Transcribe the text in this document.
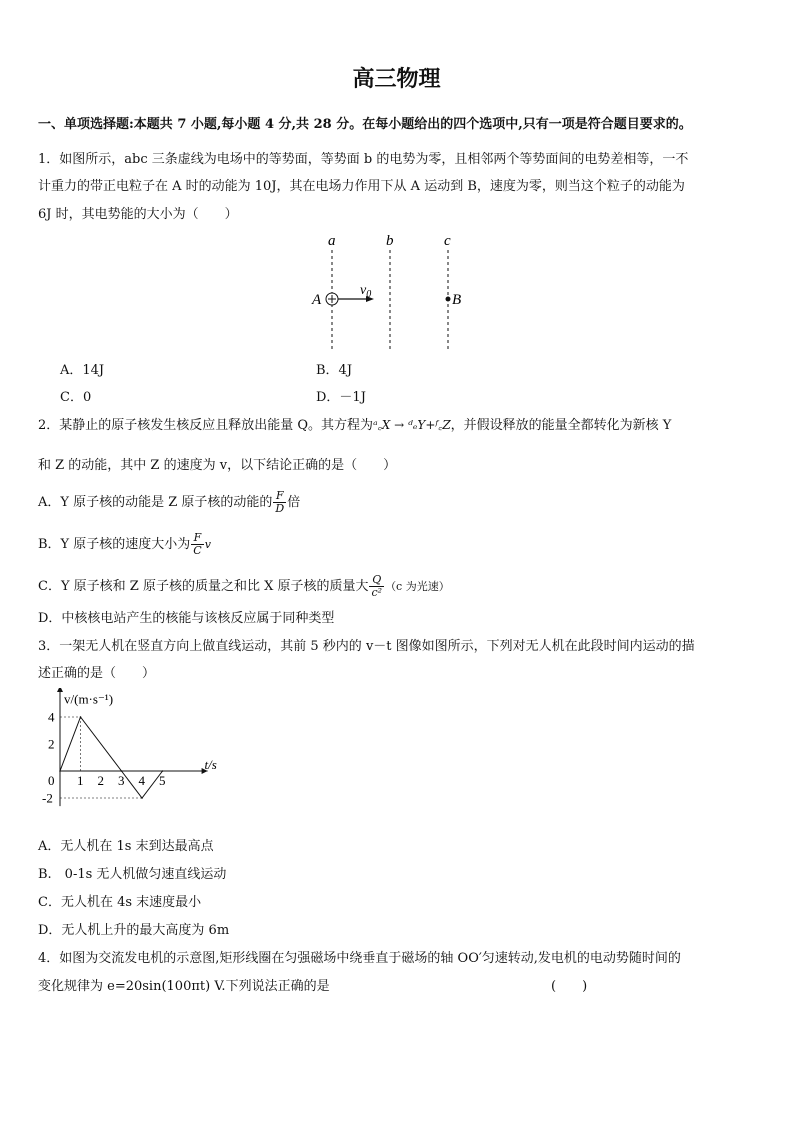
高三物理
一、单项选择题:本题共 7 小题,每小题 4 分,共 28 分。在每小题给出的四个选项中,只有一项是符合题目要求的。
1．如图所示，abc 三条虚线为电场中的等势面，等势面 b 的电势为零，且相邻两个等势面间的电势差相等，一不
计重力的带正电粒子在 A 时的动能为 10J，其在电场力作用下从 A 运动到 B，速度为零，则当这个粒子的动能为
6J 时，其电势能的大小为（　　）
a	b	c
A
$v_0$	B
A．14J	B．4J
C．0	D．－1J
2．某静止的原子核发生核反应且释放出能量 Q。其方程为ᵃ꜀X → ᵈₑY+ᶠ꜀Z，并假设释放的能量全都转化为新核 Y
和 Z 的动能，其中 Z 的速度为 v，以下结论正确的是（　　）
A．Y 原子核的动能是 Z 原子核的动能的 $\frac{F}{D}$ 倍
B．Y 原子核的速度大小为 $\frac{F}{C}$ v
C．Y 原子核和 Z 原子核的质量之和比 X 原子核的质量大 $\frac{Q}{\text{c²}} (c$ 为光速）
D．中核核电站产生的核能与该核反应属于同种类型
3．一架无人机在竖直方向上做直线运动，其前 5 秒内的 v－t 图像如图所示，下列对无人机在此段时间内运动的描
述正确的是（　　）
0 1 2 3 4 5
4
2
-2
t/s
v/(m·s⁻¹)
A．无人机在 1s 末到达最高点
B.　0-1s 无人机做匀速直线运动
C．无人机在 4s 末速度最小
D．无人机上升的最大高度为 6m
4．如图为交流发电机的示意图,矩形线圈在匀强磁场中绕垂直于磁场的轴 OO′匀速转动,发电机的电动势随时间的
变化规律为 e=20sin(100πt) V.下列说法正确的是	(　　)
